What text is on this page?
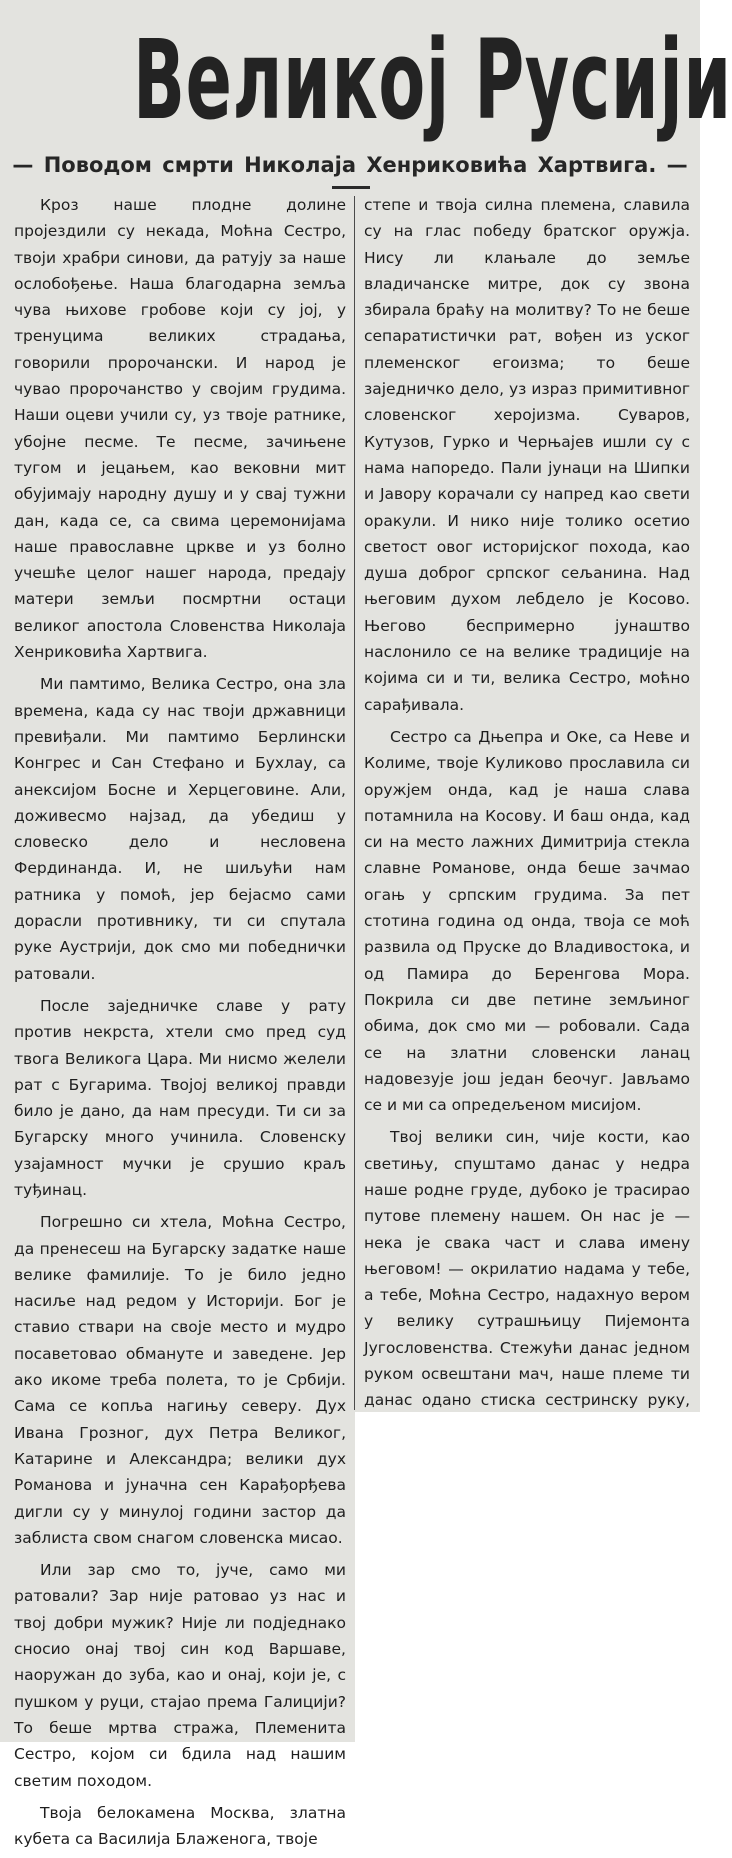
Великој Русији
— Поводом смрти Николаја Хенриковића Хартвига. —

Кроз наше плодне долине пројездили су некада, Моћна Сестро, твоји храбри синови, да ратују за наше ослобођење. Наша благодарна земља чува њихове гробове који су јој, у тренуцима великих страдања, говорили пророчански. И народ је чувао пророчанство у својим грудима. Наши оцеви учили су, уз твоје ратнике, убојне песме. Те песме, зачињене тугом и јецањем, као вековни мит обујимају народну душу и у свај тужни дан, када се, са свима церемонијама наше православне цркве и уз болно учешће целог нашег народа, предају матери земљи посмртни остаци великог апостола Словенства Николаја Хенриковића Хартвига.

Ми памтимо, Велика Сестро, она зла времена, када су нас твоји државници превиђали. Ми памтимо Берлински Конгрес и Сан Стефано и Бухлау, са анексијом Босне и Херцеговине. Али, доживесмо најзад, да убедиш у словеско дело и несловена Фердинанда. И, не шиљући нам ратника у помоћ, јер бејасмо сами дорасли противнику, ти си спутала руке Аустрији, док смо ми победнички ратовали.

После заједничке славе у рату против некрста, хтели смо пред суд твога Великога Цара. Ми нисмо желели рат с Бугарима. Твојој великој правди било је дано, да нам пресуди. Ти си за Бугарску много учинила. Словенску узајамност мучки је срушио краљ туђинац.

Погрешно си хтела, Моћна Сестро, да пренесеш на Бугарску задатке наше велике фамилије. То је било једно насиље над редом у Историји. Бог је ставио ствари на своје место и мудро посаветовао обмануте и заведене. Јер ако икоме треба полета, то је Србији. Сама се копља нагињу северу. Дух Ивана Грозног, дух Петра Великог, Катарине и Александра; велики дух Романова и јуначна сен Карађорђева дигли су у минулој години застор да заблиста свом снагом словенска мисао.

Или зар смо то, јуче, само ми ратовали? Зар није ратовао уз нас и твој добри мужик? Није ли подједнако сносио онај твој син код Варшаве, наоружан до зуба, као и онај, који је, с пушком у руци, стајао према Галицији? То беше мртва стража, Племенита Сестро, којом си бдила над нашим светим походом.

Твоја белокамена Москва, златна кубета са Василија Блаженога, твоје

степе и твоја силна племена, славила су на глас победу братског оружја. Нису ли клањале до земље владичанске митре, док су звона збирала браћу на молитву? То не беше сепаратистички рат, вођен из уског племенског егоизма; то беше заједничко дело, уз израз примитивног словенског херојизма. Суваров, Кутузов, Гурко и Черњајев ишли су с нама напоредо. Пали јунаци на Шипки и Јавору корачали су напред као свети оракули. И нико није толико осетио светост овог историјског похода, као душа доброг српског сељанина. Над његовим духом лебдело је Косово. Његово беспримерно јунаштво наслонило се на велике традиције на којима си и ти, велика Сестро, моћно сарађивала.

Сестро са Дњепра и Оке, са Неве и Колиме, твоје Куликово прославила си оружјем онда, кад је наша слава потамнила на Косову. И баш онда, кад си на место лажних Димитрија стекла славне Романове, онда беше зачмао огањ у српским грудима. За пет стотина година од онда, твоја се моћ развила од Пруске до Владивостока, и од Памира до Беренгова Мора. Покрила си две петине земљиног обима, док смо ми — робовали. Сада се на златни словенски ланац надовезује још један беочуг. Јављамо се и ми са опредељеном мисијом.

Твој велики син, чије кости, као светињу, спуштамо данас у недра наше родне груде, дубоко је трасирао путове племену нашем. Он нас је — нека је свака част и слава имену његовом! — окрилатио надама у тебе, а тебе, Моћна Сестро, надахнуо вером у велику сутрашњицу Пијемонта Југословенства. Стежући данас једном руком освештани мач, наше племе ти данас одано стиска сестринску руку,
